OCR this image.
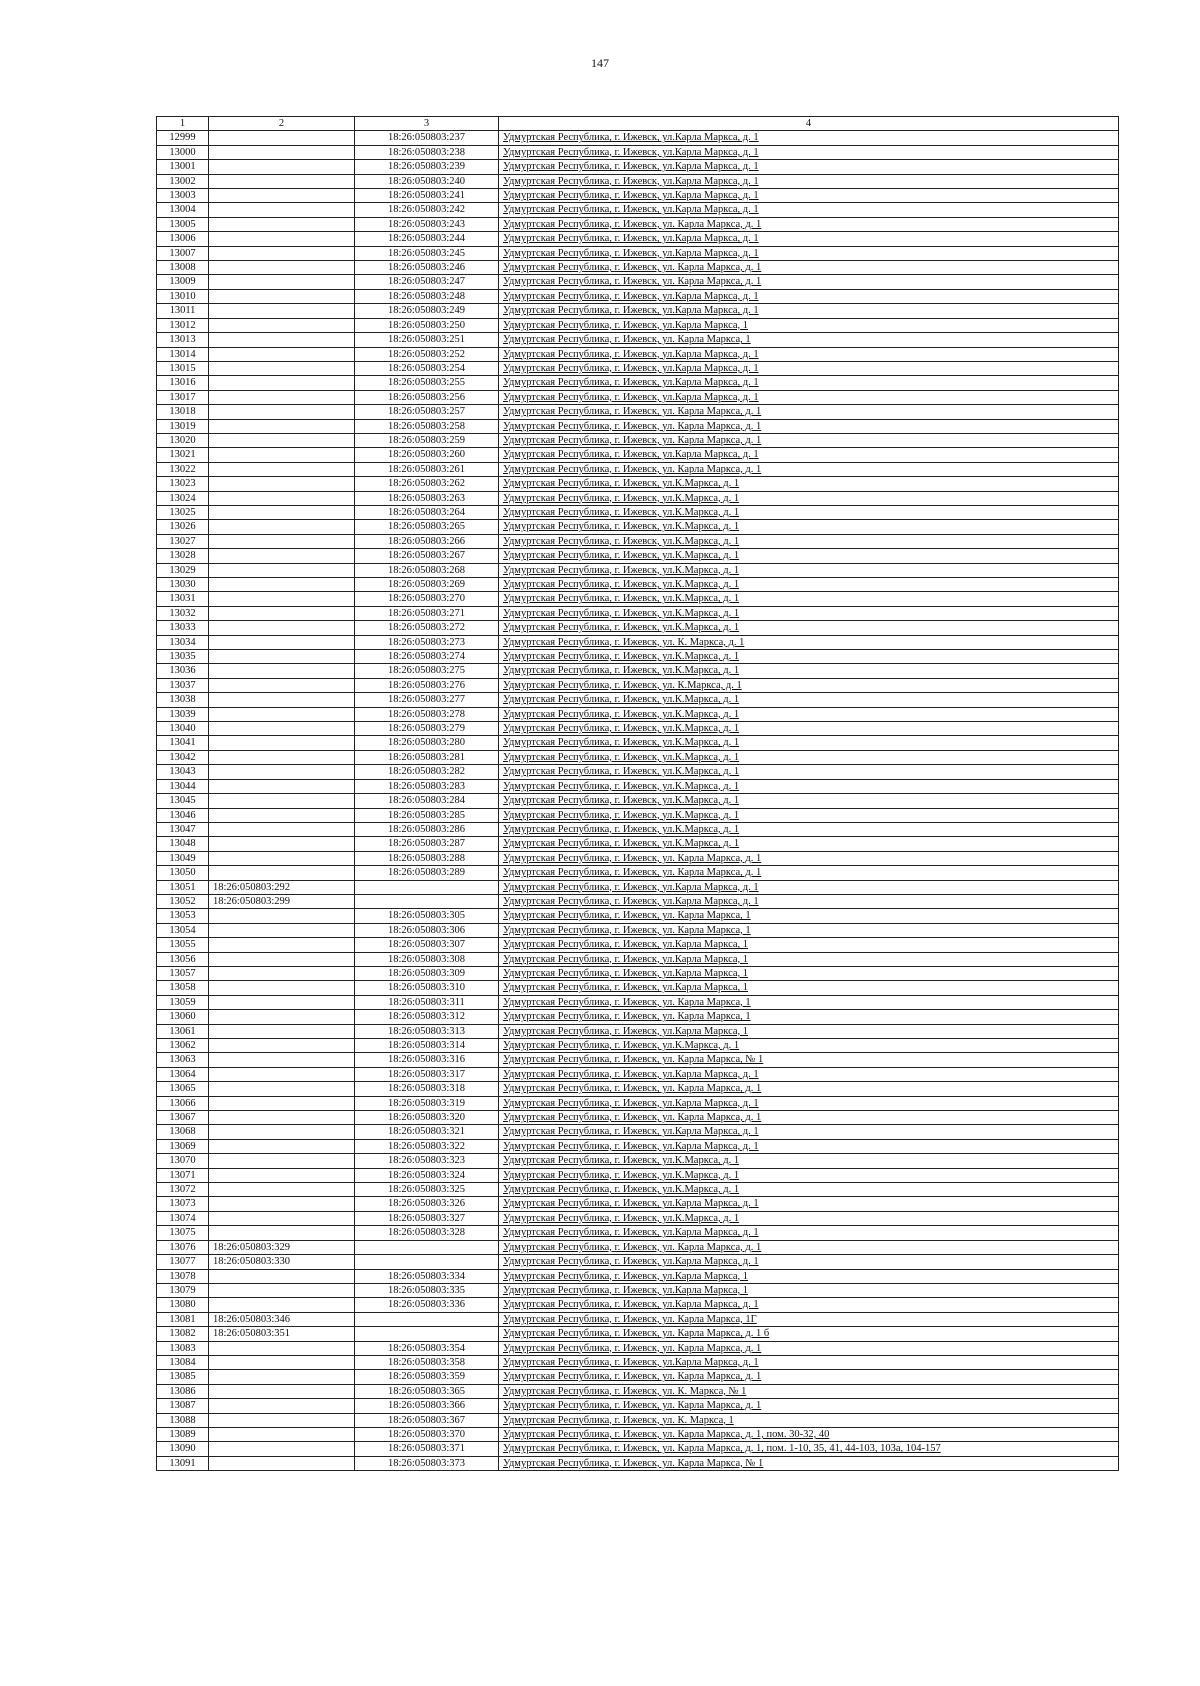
147
1	2	3	4
12999		18:26:050803:237	Удмуртская Республика, г. Ижевск, ул.Карла Маркса, д. 1
13000		18:26:050803:238	Удмуртская Республика, г. Ижевск, ул.Карла Маркса, д. 1
13001		18:26:050803:239	Удмуртская Республика, г. Ижевск, ул.Карла Маркса, д. 1
13002		18:26:050803:240	Удмуртская Республика, г. Ижевск, ул.Карла Маркса, д. 1
13003		18:26:050803:241	Удмуртская Республика, г. Ижевск, ул.Карла Маркса, д. 1
13004		18:26:050803:242	Удмуртская Республика, г. Ижевск, ул.Карла Маркса, д. 1
13005		18:26:050803:243	Удмуртская Республика, г. Ижевск, ул. Карла Маркса, д. 1
13006		18:26:050803:244	Удмуртская Республика, г. Ижевск, ул.Карла Маркса, д. 1
13007		18:26:050803:245	Удмуртская Республика, г. Ижевск, ул.Карла Маркса, д. 1
13008		18:26:050803:246	Удмуртская Республика, г. Ижевск, ул. Карла Маркса, д. 1
13009		18:26:050803:247	Удмуртская Республика, г. Ижевск, ул. Карла Маркса, д. 1
13010		18:26:050803:248	Удмуртская Республика, г. Ижевск, ул.Карла Маркса, д. 1
13011		18:26:050803:249	Удмуртская Республика, г. Ижевск, ул.Карла Маркса, д. 1
13012		18:26:050803:250	Удмуртская Республика, г. Ижевск, ул.Карла Маркса, 1
13013		18:26:050803:251	Удмуртская Республика, г. Ижевск, ул. Карла Маркса, 1
13014		18:26:050803:252	Удмуртская Республика, г. Ижевск, ул.Карла Маркса, д. 1
13015		18:26:050803:254	Удмуртская Республика, г. Ижевск, ул.Карла Маркса, д. 1
13016		18:26:050803:255	Удмуртская Республика, г. Ижевск, ул.Карла Маркса, д. 1
13017		18:26:050803:256	Удмуртская Республика, г. Ижевск, ул.Карла Маркса, д. 1
13018		18:26:050803:257	Удмуртская Республика, г. Ижевск, ул. Карла Маркса, д. 1
13019		18:26:050803:258	Удмуртская Республика, г. Ижевск, ул. Карла Маркса, д. 1
13020		18:26:050803:259	Удмуртская Республика, г. Ижевск, ул. Карла Маркса, д. 1
13021		18:26:050803:260	Удмуртская Республика, г. Ижевск, ул.Карла Маркса, д. 1
13022		18:26:050803:261	Удмуртская Республика, г. Ижевск, ул. Карла Маркса, д. 1
13023		18:26:050803:262	Удмуртская Республика, г. Ижевск, ул.К.Маркса, д. 1
13024		18:26:050803:263	Удмуртская Республика, г. Ижевск, ул.К.Маркса, д. 1
13025		18:26:050803:264	Удмуртская Республика, г. Ижевск, ул.К.Маркса, д. 1
13026		18:26:050803:265	Удмуртская Республика, г. Ижевск, ул.К.Маркса, д. 1
13027		18:26:050803:266	Удмуртская Республика, г. Ижевск, ул.К.Маркса, д. 1
13028		18:26:050803:267	Удмуртская Республика, г. Ижевск, ул.К.Маркса, д. 1
13029		18:26:050803:268	Удмуртская Республика, г. Ижевск, ул.К.Маркса, д. 1
13030		18:26:050803:269	Удмуртская Республика, г. Ижевск, ул.К.Маркса, д. 1
13031		18:26:050803:270	Удмуртская Республика, г. Ижевск, ул.К.Маркса, д. 1
13032		18:26:050803:271	Удмуртская Республика, г. Ижевск, ул.К.Маркса, д. 1
13033		18:26:050803:272	Удмуртская Республика, г. Ижевск, ул.К.Маркса, д. 1
13034		18:26:050803:273	Удмуртская Республика, г. Ижевск, ул. К. Маркса, д. 1
13035		18:26:050803:274	Удмуртская Республика, г. Ижевск, ул.К.Маркса, д. 1
13036		18:26:050803:275	Удмуртская Республика, г. Ижевск, ул.К.Маркса, д. 1
13037		18:26:050803:276	Удмуртская Республика, г. Ижевск, ул. К.Маркса, д. 1
13038		18:26:050803:277	Удмуртская Республика, г. Ижевск, ул.К.Маркса, д. 1
13039		18:26:050803:278	Удмуртская Республика, г. Ижевск, ул.К.Маркса, д. 1
13040		18:26:050803:279	Удмуртская Республика, г. Ижевск, ул.К.Маркса, д. 1
13041		18:26:050803:280	Удмуртская Республика, г. Ижевск, ул.К.Маркса, д. 1
13042		18:26:050803:281	Удмуртская Республика, г. Ижевск, ул.К.Маркса, д. 1
13043		18:26:050803:282	Удмуртская Республика, г. Ижевск, ул.К.Маркса, д. 1
13044		18:26:050803:283	Удмуртская Республика, г. Ижевск, ул.К.Маркса, д. 1
13045		18:26:050803:284	Удмуртская Республика, г. Ижевск, ул.К.Маркса, д. 1
13046		18:26:050803:285	Удмуртская Республика, г. Ижевск, ул.К.Маркса, д. 1
13047		18:26:050803:286	Удмуртская Республика, г. Ижевск, ул.К.Маркса, д. 1
13048		18:26:050803:287	Удмуртская Республика, г. Ижевск, ул.К.Маркса, д. 1
13049		18:26:050803:288	Удмуртская Республика, г. Ижевск, ул. Карла Маркса, д. 1
13050		18:26:050803:289	Удмуртская Республика, г. Ижевск, ул. Карла Маркса, д. 1
13051	18:26:050803:292		Удмуртская Республика, г. Ижевск, ул.Карла Маркса, д. 1
13052	18:26:050803:299		Удмуртская Республика, г. Ижевск, ул.Карла Маркса, д. 1
13053		18:26:050803:305	Удмуртская Республика, г. Ижевск, ул. Карла Маркса, 1
13054		18:26:050803:306	Удмуртская Республика, г. Ижевск, ул. Карла Маркса, 1
13055		18:26:050803:307	Удмуртская Республика, г. Ижевск, ул.Карла Маркса, 1
13056		18:26:050803:308	Удмуртская Республика, г. Ижевск, ул.Карла Маркса, 1
13057		18:26:050803:309	Удмуртская Республика, г. Ижевск, ул.Карла Маркса, 1
13058		18:26:050803:310	Удмуртская Республика, г. Ижевск, ул.Карла Маркса, 1
13059		18:26:050803:311	Удмуртская Республика, г. Ижевск, ул. Карла Маркса, 1
13060		18:26:050803:312	Удмуртская Республика, г. Ижевск, ул. Карла Маркса, 1
13061		18:26:050803:313	Удмуртская Республика, г. Ижевск, ул.Карла Маркса, 1
13062		18:26:050803:314	Удмуртская Республика, г. Ижевск, ул.К.Маркса, д. 1
13063		18:26:050803:316	Удмуртская Республика, г. Ижевск, ул. Карла Маркса, № 1
13064		18:26:050803:317	Удмуртская Республика, г. Ижевск, ул.Карла Маркса, д. 1
13065		18:26:050803:318	Удмуртская Республика, г. Ижевск, ул. Карла Маркса, д. 1
13066		18:26:050803:319	Удмуртская Республика, г. Ижевск, ул.Карла Маркса, д. 1
13067		18:26:050803:320	Удмуртская Республика, г. Ижевск, ул. Карла Маркса, д. 1
13068		18:26:050803:321	Удмуртская Республика, г. Ижевск, ул.Карла Маркса, д. 1
13069		18:26:050803:322	Удмуртская Республика, г. Ижевск, ул.Карла Маркса, д. 1
13070		18:26:050803:323	Удмуртская Республика, г. Ижевск, ул.К.Маркса, д. 1
13071		18:26:050803:324	Удмуртская Республика, г. Ижевск, ул.К.Маркса, д. 1
13072		18:26:050803:325	Удмуртская Республика, г. Ижевск, ул.К.Маркса, д. 1
13073		18:26:050803:326	Удмуртская Республика, г. Ижевск, ул.Карла Маркса, д. 1
13074		18:26:050803:327	Удмуртская Республика, г. Ижевск, ул.К.Маркса, д. 1
13075		18:26:050803:328	Удмуртская Республика, г. Ижевск, ул.Карла Маркса, д. 1
13076	18:26:050803:329		Удмуртская Республика, г. Ижевск, ул. Карла Маркса, д. 1
13077	18:26:050803:330		Удмуртская Республика, г. Ижевск, ул.Карла Маркса, д. 1
13078		18:26:050803:334	Удмуртская Республика, г. Ижевск, ул.Карла Маркса, 1
13079		18:26:050803:335	Удмуртская Республика, г. Ижевск, ул.Карла Маркса, 1
13080		18:26:050803:336	Удмуртская Республика, г. Ижевск, ул.Карла Маркса, д. 1
13081	18:26:050803:346		Удмуртская Республика, г. Ижевск, ул. Карла Маркса, 1Г
13082	18:26:050803:351		Удмуртская Республика, г. Ижевск, ул. Карла Маркса, д. 1 б
13083		18:26:050803:354	Удмуртская Республика, г. Ижевск, ул. Карла Маркса, д. 1
13084		18:26:050803:358	Удмуртская Республика, г. Ижевск, ул.Карла Маркса, д. 1
13085		18:26:050803:359	Удмуртская Республика, г. Ижевск, ул. Карла Маркса, д. 1
13086		18:26:050803:365	Удмуртская Республика, г. Ижевск, ул. К. Маркса, № 1
13087		18:26:050803:366	Удмуртская Республика, г. Ижевск, ул. Карла Маркса, д. 1
13088		18:26:050803:367	Удмуртская Республика, г. Ижевск, ул. К. Маркса, 1
13089		18:26:050803:370	Удмуртская Республика, г. Ижевск, ул. Карла Маркса, д. 1, пом. 30-32, 40
13090		18:26:050803:371	Удмуртская Республика, г. Ижевск, ул. Карла Маркса, д. 1, пом. 1-10, 35, 41, 44-103, 103а, 104-157
13091		18:26:050803:373	Удмуртская Республика, г. Ижевск, ул. Карла Маркса, № 1
